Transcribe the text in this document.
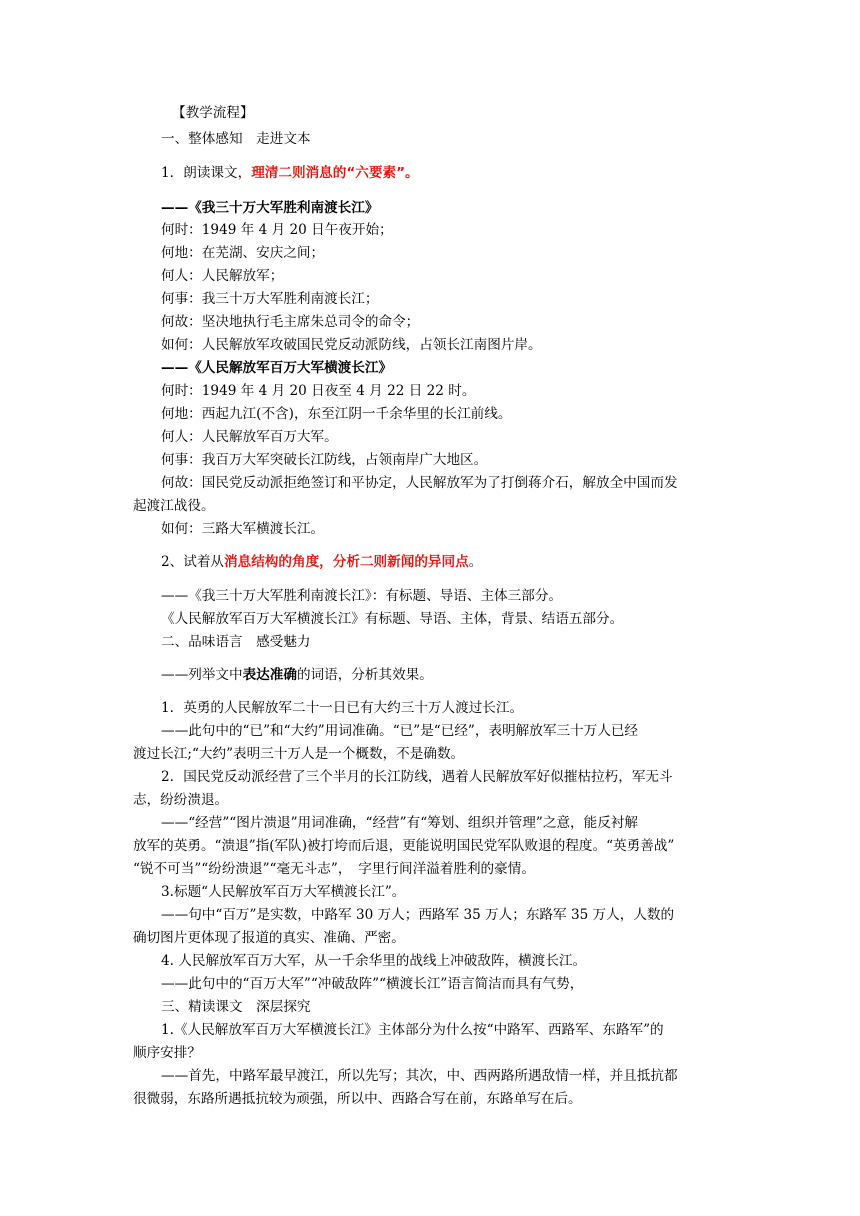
【教学流程】
一、整体感知　走进文本
1．朗读课文，理清二则消息的“六要素”。
——《我三十万大军胜利南渡长江》
何时：1949 年 4 月 20 日午夜开始；
何地：在芜湖、安庆之间；
何人：人民解放军；
何事：我三十万大军胜利南渡长江；
何故：坚决地执行毛主席朱总司令的命令；
如何：人民解放军攻破国民党反动派防线，占领长江南图片岸。
——《人民解放军百万大军横渡长江》
何时：1949 年 4 月 20 日夜至 4 月 22 日 22 时。
何地：西起九江(不含)，东至江阴一千余华里的长江前线。
何人：人民解放军百万大军。
何事：我百万大军突破长江防线，占领南岸广大地区。
何故：国民党反动派拒绝签订和平协定，人民解放军为了打倒蒋介石，解放全中国而发
起渡江战役。
如何：三路大军横渡长江。
2、试着从消息结构的角度，分析二则新闻的异同点。
——《我三十万大军胜利南渡长江》：有标题、导语、主体三部分。
《人民解放军百万大军横渡长江》有标题、导语、主体，背景、结语五部分。
二、品味语言　感受魅力
——列举文中表达准确的词语，分析其效果。
1．英勇的人民解放军二十一日已有大约三十万人渡过长江。
——此句中的“已”和“大约”用词准确。“已”是“已经”，表明解放军三十万人已经
渡过长江;“大约”表明三十万人是一个概数，不是确数。
2．国民党反动派经营了三个半月的长江防线，遇着人民解放军好似摧枯拉朽，军无斗
志，纷纷溃退。
——“经营”“图片溃退”用词准确，“经营”有“筹划、组织并管理”之意，能反衬解
放军的英勇。“溃退”指(军队)被打垮而后退，更能说明国民党军队败退的程度。“英勇善战”
“锐不可当”“纷纷溃退”“毫无斗志”，　字里行间洋溢着胜利的豪情。
3.标题“人民解放军百万大军横渡长江”。
——句中“百万”是实数，中路军 30 万人；西路军 35 万人；东路军 35 万人，人数的
确切图片更体现了报道的真实、准确、严密。
4. 人民解放军百万大军，从一千余华里的战线上冲破敌阵，横渡长江。
——此句中的“百万大军”“冲破敌阵”“横渡长江”语言简洁而具有气势，
三、精读课文　深层探究
1.《人民解放军百万大军横渡长江》主体部分为什么按“中路军、西路军、东路军”的
顺序安排？
——首先，中路军最早渡江，所以先写；其次，中、西两路所遇敌情一样，并且抵抗都
很微弱，东路所遇抵抗较为顽强，所以中、西路合写在前，东路单写在后。
